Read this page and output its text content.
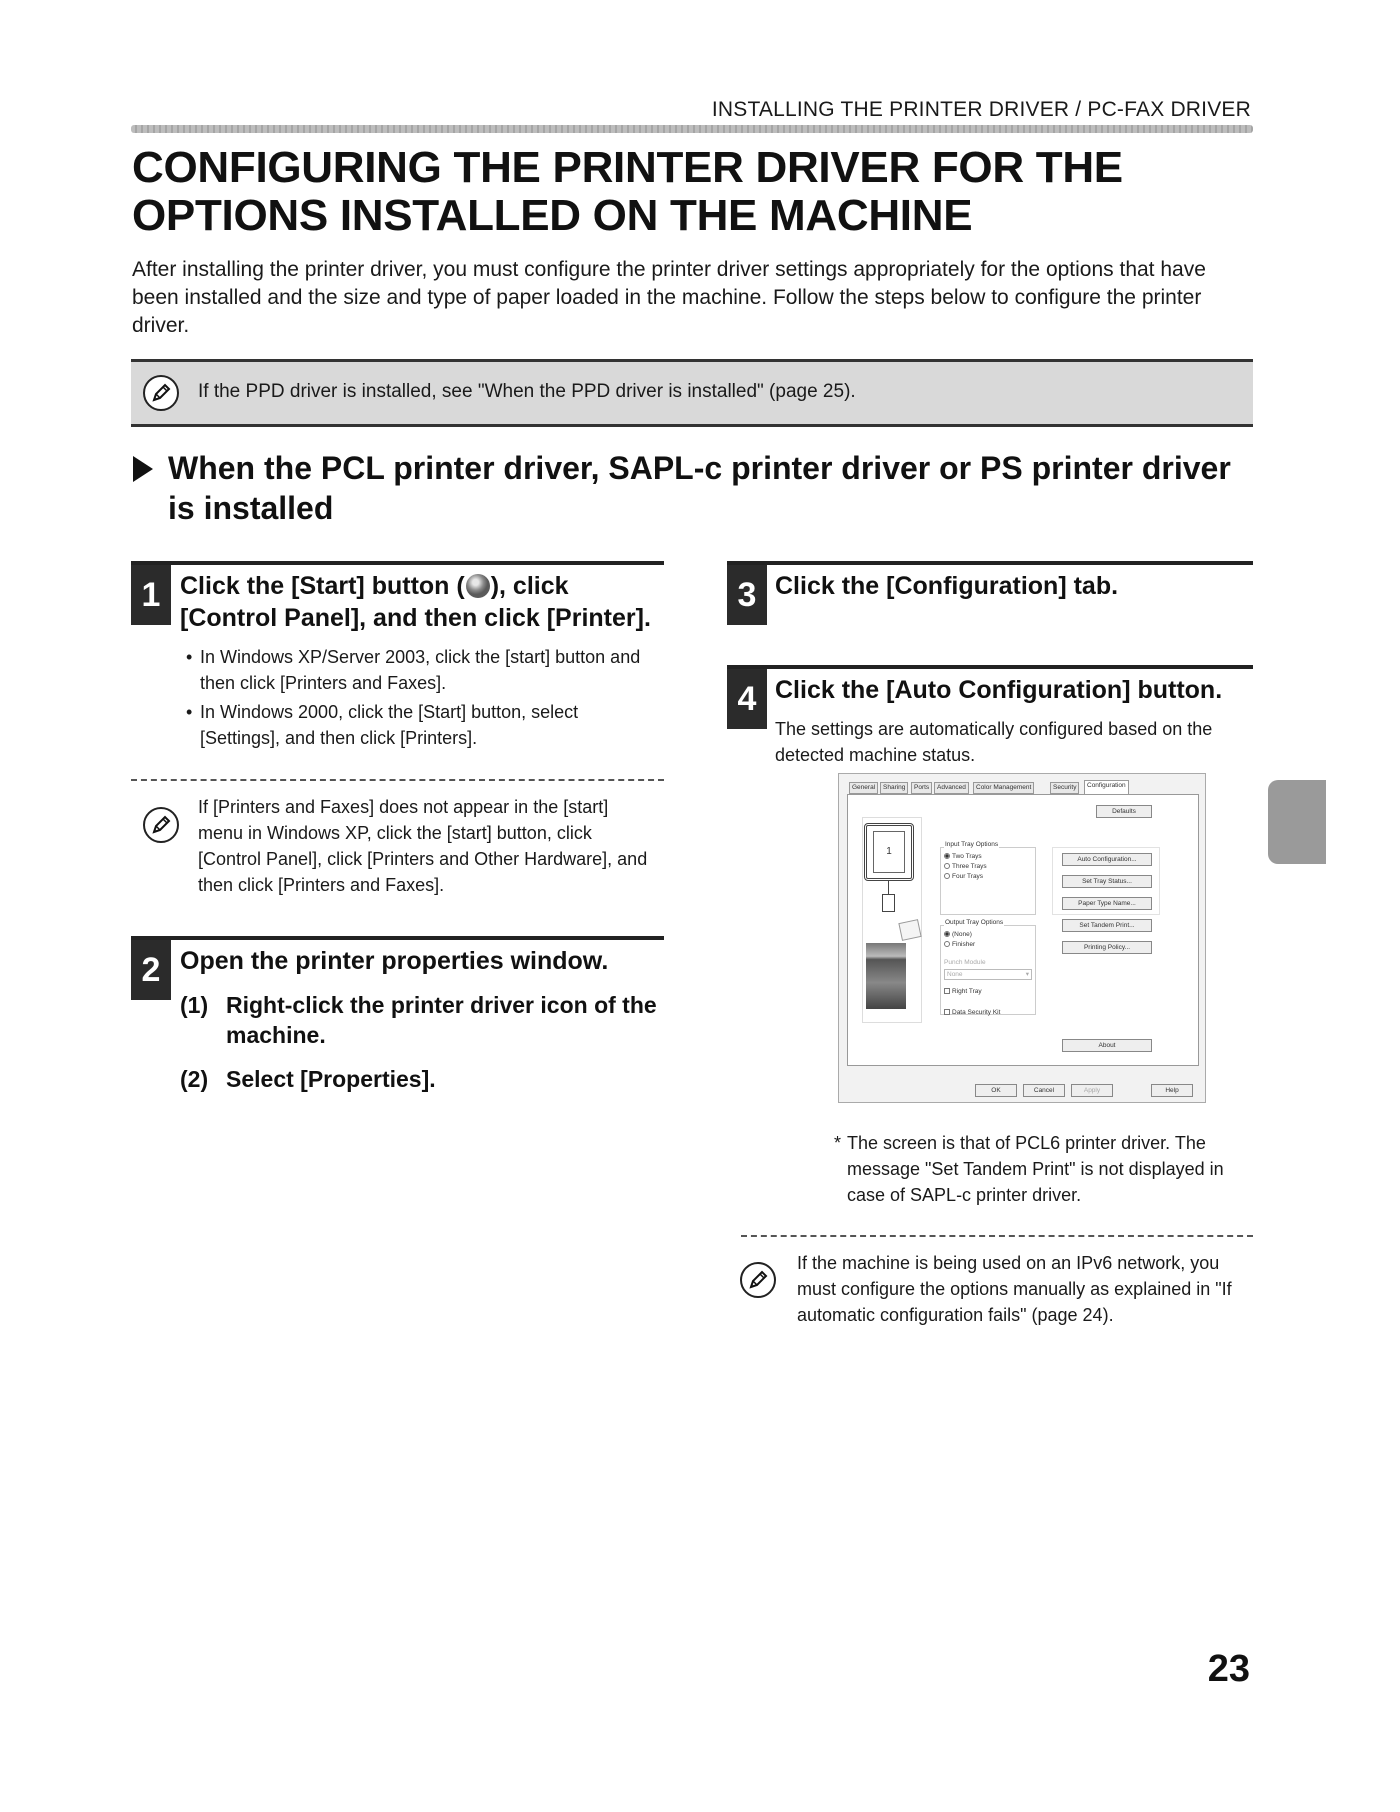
INSTALLING THE PRINTER DRIVER / PC-FAX DRIVER
CONFIGURING THE PRINTER DRIVER FOR THE OPTIONS INSTALLED ON THE MACHINE
After installing the printer driver, you must configure the printer driver settings appropriately for the options that have been installed and the size and type of paper loaded in the machine. Follow the steps below to configure the printer driver.
If the PPD driver is installed, see "When the PPD driver is installed" (page 25).
When the PCL printer driver, SAPL-c printer driver or PS printer driver is installed
1 Click the [Start] button ( ), click [Control Panel], and then click [Printer].
• In Windows XP/Server 2003, click the [start] button and then click [Printers and Faxes].
• In Windows 2000, click the [Start] button, select [Settings], and then click [Printers].
If [Printers and Faxes] does not appear in the [start] menu in Windows XP, click the [start] button, click [Control Panel], click [Printers and Other Hardware], and then click [Printers and Faxes].
2 Open the printer properties window.
(1) Right-click the printer driver icon of the machine.
(2) Select [Properties].
3 Click the [Configuration] tab.
4 Click the [Auto Configuration] button.
The settings are automatically configured based on the detected machine status.
General	Sharing	Ports	Advanced	Color Management	Security	Configuration
Defaults
1
Input Tray Options
Two Trays
Three Trays
Four Trays
Output Tray Options
(None)
Finisher
Punch Module
None	▾
Right Tray
Data Security Kit
Auto Configuration...
Set Tray Status...
Paper Type Name...
Set Tandem Print...
Printing Policy...
About
OK	Cancel	Apply	Help
* The screen is that of PCL6 printer driver. The message "Set Tandem Print" is not displayed in case of SAPL-c printer driver.
If the machine is being used on an IPv6 network, you must configure the options manually as explained in "If automatic configuration fails" (page 24).
23
